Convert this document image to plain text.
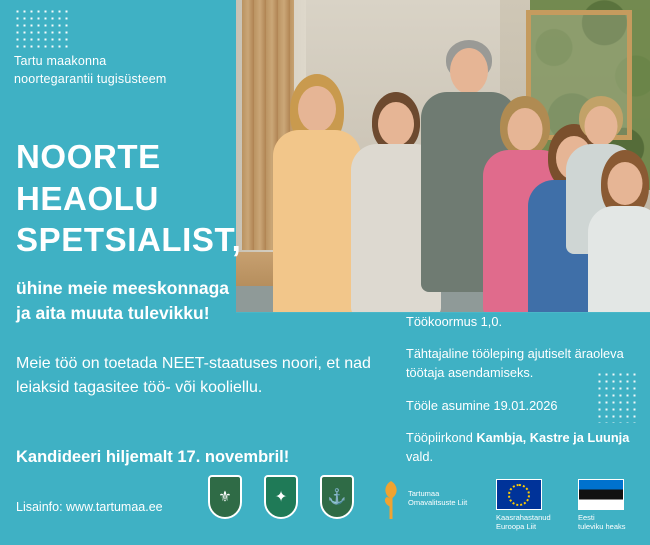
Tartu maakonna
noortegarantii tugisüsteem
NOORTE
HEAOLU
SPETSIALIST,
ühine meie meeskonnaga
ja aita muuta tulevikku!
Meie töö on toetada NEET-staatuses noori, et nad leiaksid tagasitee töö- või kooliellu.
Kandideeri hiljemalt 17. novembril!
Lisainfo: www.tartumaa.ee
Töökoormus 1,0.
Tähtajaline tööleping ajutiselt äraoleva töötaja asendamiseks.
Tööle asumine 19.01.2026
Tööpiirkond Kambja, Kastre ja Luunja vald.
⚜	✦	⚓	Tartumaa
Omavalitsuste Liit
Kaasrahastanud
Euroopa Liit
Eesti
tuleviku heaks
